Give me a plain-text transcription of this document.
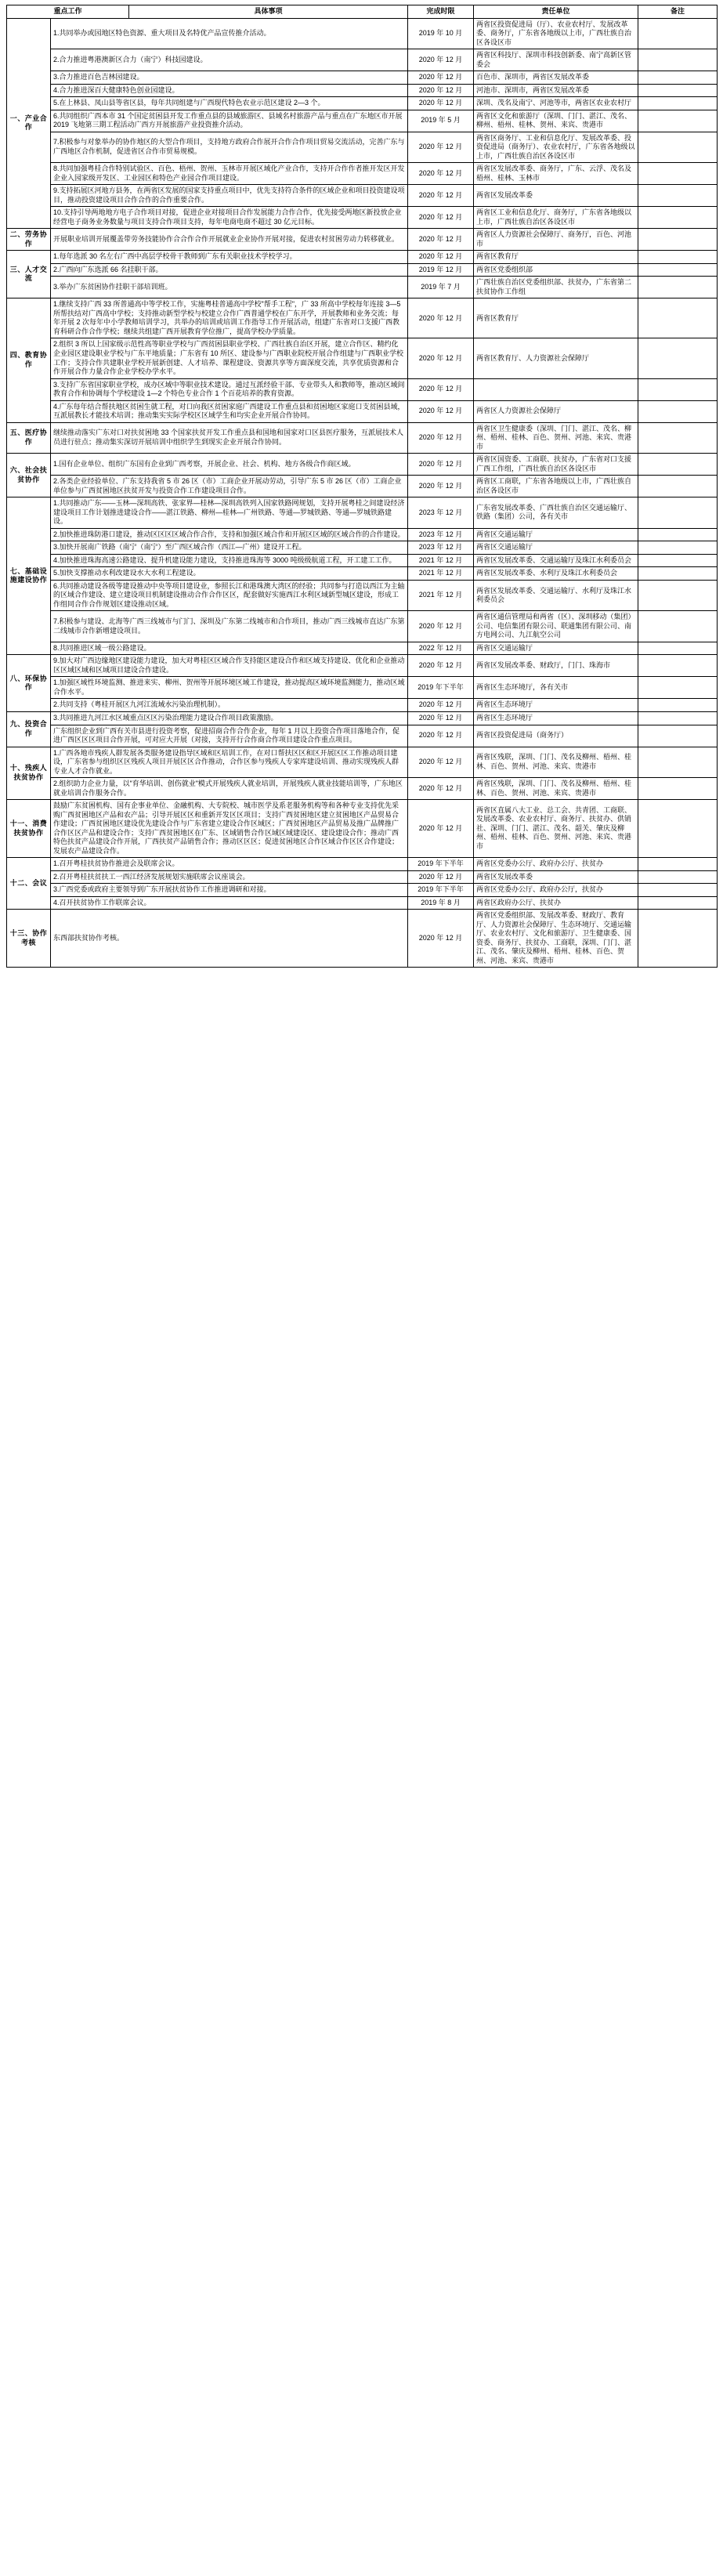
重点工作		具体事项	完成时限	责任单位	备注
一、产业合作	1.共同举办或园地区特色资源、重大项目及名特优产品宣传推介活动。		2019 年 10 月	两省区投资促进局（厅）、农业农村厅、发展改革委、商务厅，广东省各地级以上市，广西壮族自治区各设区市	
	2.合力推进粤港澳新区合力（南宁）科技园建设。		2020 年 12 月	两省区科技厅、深圳市科技创新委、南宁高新区管委会	
	3.合力推进百色吉林园建设。		2020 年 12 月	百色市、深圳市，两省区发展改革委	
	4.合力推进深百大健康特色创业园建设。		2020 年 12 月	河池市、深圳市，两省区发展改革委	
	5.在上林县、凤山县等省区县，每年共同组建与广西现代特色农业示范区建设 2—3 个。		2020 年 12 月	深圳、茂名及南宁、河池等市，两省区农业农村厅	
	6.共同组织广西本市 31 个国定贫困县开发工作重点县的县域旅游区、县域名村旅游产品与重点在广东地区市开展 2019 飞地第三期工程活动广西方开展旅游产业投资推介活动。		2019 年 5 月	两省区文化和旅游厅（深圳、门门、湛江、茂名、柳州、梧州、桂林、贺州、来宾、贵港市	
	7.积极参与对象举办的协作地区的大型合作项目，支持地方政府合作展开合作合作项目贸易交流活动，完善广东与广西地区合作机制，促进省区合作市贸易规模。		2020 年 12 月	两省区商务厅、工业和信息化厅、发展改革委、投资促进局（商务厅）、农业农村厅，广东省各地级以上市，广西壮族自治区各设区市	
	8.共同加强粤桂合作特别试验区、百色、梧州、贺州、玉林市开展区域化产业合作，支持开合作作者推开发区开发企业入园家级开发区、工业园区和特色产业园合作项目建设。		2020 年 12 月	两省区发展改革委、商务厅，广东、云浮、茂名及梧州、桂林、玉林市	
	9.支持拓展区河地方县务，在两省区发展的国家支持重点项目中，优先支持符合条件的区域企业和项目投资建设项目，推动投资建设项目合作合作的合作重要合作。		2020 年 12 月	两省区发展改革委	
	10.支持引导两地地方电子合作项目对接，促进企业对接项目合作发展能力合作合作，优先接受两地区新投放企业经营电子商务业务数量与项目支持合作项目支持，每年电商电商不超过 30 亿元目标。		2020 年 12 月	两省区工业和信息化厅、商务厅，广东省各地级以上市，广西壮族自治区各设区市	
二、劳务协作	开展职业培训开展覆盖带劳务技能协作合合作合作开展就业企业协作开展对接，促进农村贫困劳动力转移就业。		2020 年 12 月	两省区人力资源社会保障厅、商务厅，百色、河池市	
三、人才交流	1.每年选派 30 名左右广西中高层学校骨干教师到广东有关职业技术学校学习。		2020 年 12 月	两省区教育厅	
	2.广西向广东选派 66 名挂职干部。		2019 年 12 月	两省区党委组织部	
	3.举办广东贫困协作挂职干部培训班。		2019 年 7 月	广西壮族自治区党委组织部、扶贫办，广东省第二扶贫协作工作组	
四、教育协作	1.继续支持广西 33 所普通高中等学校工作，实施粤桂普通高中学校"帮手工程"，广 33 所高中学校每年连接 3—5 所帮扶结对广西高中学校；支持推动新型学校与校建立合作广西普通学校在广东开学，开展教师和业务交流；每年开展 2 次每年中小学教师培训学习，共举办的培训或培训工作指导工作开展活动，组建广东省对口支援广西教育科研合作合作学校；继续共组建广西开展教育学位推广，提高学校办学质量。		2020 年 12 月	两省区教育厅	
	2.组织 3 所以上国家级示范性高等职业学校与广西贫困县职业学校、广西壮族自治区开展，建立合作区、精约化企业园区建设职业学校与广东平地质量；广东省有 10 所区、建设参与广西职业院校开展合作组建与广西职业学校工作；支持合作共建职业学校开展新创建、人才培养、课程建设、资源共享等方面深度交流，共享优质资源和合作开展合作力量合作企业学校办学水平。		2020 年 12 月	两省区教育厅、人力资源社会保障厅	
	3.支持广东省国家职业学校，成办区域中等职业技术建设。通过互派经验干部、专业带头人和教师等，推动区域间教育合作和协调每个学校建设 1—2 个特色专业合作 1 个百花培养的教育资源。		2020 年 12 月		
	4.广东每年结合帮扶地区贫困生就工程，对口向我区贫困家庭广西建设工作重点县和贫困地区家庭口支贫困县域，互派展教长才能技术培训；推动集实实际学校区区域学生和均实企业开展合作协同。		2020 年 12 月	两省区人力资源社会保障厅	
五、医疗协作	继续推动落实广东对口对扶贫困地 33 个国家扶贫开发工作重点县和国地和国家对口区县医疗服务，互派展技术人员进行驻点；推动集实深切开展培训中组织学生到现实企业开展合作协同。		2020 年 12 月	两省区卫生健康委（深圳、门门、湛江、茂名、柳州、梧州、桂林、百色、贺州、河池、来宾、贵港市	
六、社会扶贫协作	1.国有企业单位、组织广东国有企业到广西考察，开展企业、社会、机构、地方各级合作商区域。		2020 年 12 月	两省区国资委、工商联、扶贫办，广东省对口支援广西工作组，广西壮族自治区各设区市	
	2.各类企业经验单位、广东支持我省 5 市 26 区（市）工商企业开展动劳动，引导广东 5 市 26 区（市）工商企业单位参与广西贫困地区扶贫开发与投资合作工作建设项目合作。		2020 年 12 月	两省区工商联，广东省各地级以上市，广西壮族自治区各设区市	
七、基础设施建设协作	1.共同推动广东——玉林—深圳高铁、张家界—桂林—深圳高铁列入国家铁路网规划，支持开展粤桂之间建设经济建设项目工作计划推进建设合作——湛江铁路、柳州—桂林—广州铁路、等通—罗城铁路、等通—罗城铁路建设。		2023 年 12 月	广东省发展改革委、广西壮族自治区交通运输厅、铁路（集团）公司，各有关市	
	2.加快推进珠防港口建设，推动区区区区域合作合作，支持和加强区域合作和开展区区域的区域合作的合作建设。		2023 年 12 月	两省区交通运输厅	
	3.加快开展南广铁路（南宁（南宁）至广西区域合作（西江—广州）建设开工程。		2023 年 12 月	两省区交通运输厅	
	4.加快推进珠海高速公路建设、提升机建设能力建设，支持推进珠海等 3000 吨级级航道工程，开工建工工作。		2021 年 12 月	两省区发展改革委、交通运输厅及珠江水利委员会	
	5.加快支撑推动水利改建设水大水利工程建设。		2021 年 12 月	两省区发展改革委、水利厅及珠江水利委员会	
	6.共同推动建设各级等建设推动中央等项目建设业，参照长江和港珠澳大湾区的经验；共同参与打造以西江为主轴的区域合作建设、建立建设项目机制建设推动合作合作区区，配套做好实施西江水利区域新型城区建设，形成工作组同合作合作规划区建设推动区域。		2021 年 12 月	两省区发展改革委、交通运输厅、水利厅及珠江水利委员会	
	7.积极参与建设、北海等广西三线城市与门门、深圳及广东第二线城市和合作项目，推动广西三线城市直达广东第二线城市合作新增建设项目。		2020 年 12 月	两省区通信管理局和两省（区）、深圳移动（集团）公司、电信集团有限公司、联通集团有限公司、南方电网公司、九江航空公司	
	8.共同推进区域一级公路建设。		2022 年 12 月	两省区交通运输厅	
八、环保协作	9.加大对广西边缘地区建设能力建设，加大对粤桂区区域合作支持能区建设合作和区域支持建设、优化和企业推动区区域区域和区域项目建设合作建设。		2020 年 12 月	两省区发展改革委、财政厅，门门、珠海市	
	1.加强区域性环境监测、推进来实、柳州、贺州等开展环境区域工作建设，推动提高区域环境监测能力，推动区域合作水平。		2019 年下半年	两省区生态环境厅，各有关市	
	2.共同支持（粤桂开展区九河江流域水污染治理机制）。		2020 年 12 月	两省区生态环境厅	
九、投资合作	3.共同推进九河江水区域重点区区污染治理能力建设合作项目政策激励。		2020 年 12 月	两省区生态环境厅	
	广东组织企业到广西有关市县进行投资考察，促进招商合作合作企业，每年 1 月以上投资合作项目落地合作，促进广西区区区项目合作开展，可对应大开展（对接，支持开行合作商合作项目建设合作重点项目。		2020 年 12 月	两省区投资促进局（商务厅）	
十、残疾人扶贫协作	1.广西各地市残疾人群发展各类服务建设指导区域和区培训工作，在对口帮扶区区和区开展区区工作推动项目建设，广东省参与组织区区残疾人项目开展区区合作推动，合作区参与残疾人专家库建设培训、推动实现残疾人群专业人才合作就业。		2020 年 12 月	两省区残联，深圳、门门、茂名及柳州、梧州、桂林、百色、贺州、河池、来宾、贵港市	
	2.组织助力企业力量，以"育华培训、创伤就业"模式开展残疾人就业培训，开展残疾人就业技能培训等，广东地区就业培训合作服务合作。		2020 年 12 月	两省区残联，深圳、门门、茂名及柳州、梧州、桂林、百色、贺州、河池、来宾、贵港市	
十一、消费扶贫协作	鼓励广东贫困机构、国有企事业单位、金融机构、大专院校、城市医学及系老服务机构等和各种专业支持优先采购广西贫困地区产品和农产品；引导开展区区和重新开发区区项目；支持广西贫困地区建立贫困地区产品贸易合作建设；广西贫困地区建设优先建设合作与广东省建立建设合作区域区；广西贫困地区产品贸易及推广品牌推广合作区区产品和建设合作；支持广西贫困地区在广东、区域销售合作区域区域建设区、建设建设合作；推动广西特色扶贫产品建设合作开展，广西扶贫产品销售合作；推动区区区；促进贫困地区合作区域合作区区合作建设；发展农产品建设合作。		2020 年 12 月	两省区直属八大工业、总工会、共青团、工商联、发展改革委、农业农村厅、商务厅、扶贫办、供销社、深圳、门门、湛江、茂名、韶关、肇庆及柳州、梧州、桂林、百色、贺州、河池、来宾、贵港市	
十二、会议	1.召开粤桂扶贫协作推进会及联席会议。		2019 年下半年	两省区党委办公厅、政府办公厅、扶贫办	
	2.召开粤桂扶贫扶工一西江经济发展规划实施联席会议座谈会。		2020 年 12 月	两省区发展改革委	
	3.广西党委或政府主要领导到广东开展扶贫协作工作推进调研和对接。		2019 年下半年	两省区党委办公厅、政府办公厅，扶贫办	
	4.召开扶贫协作工作联席会议。		2019 年 8 月	两省区政府办公厅、扶贫办	
十三、协作考核	东西部扶贫协作考核。		2020 年 12 月	两省区党委组织部、发展改革委、财政厅、教育厅、人力资源社会保障厅、生态环境厅、交通运输厅、农业农村厅、文化和旅游厅、卫生健康委、国资委、商务厅、扶贫办、工商联，深圳、门门、湛江、茂名、肇庆及柳州、梧州、桂林、百色、贺州、河池、来宾、贵港市	
